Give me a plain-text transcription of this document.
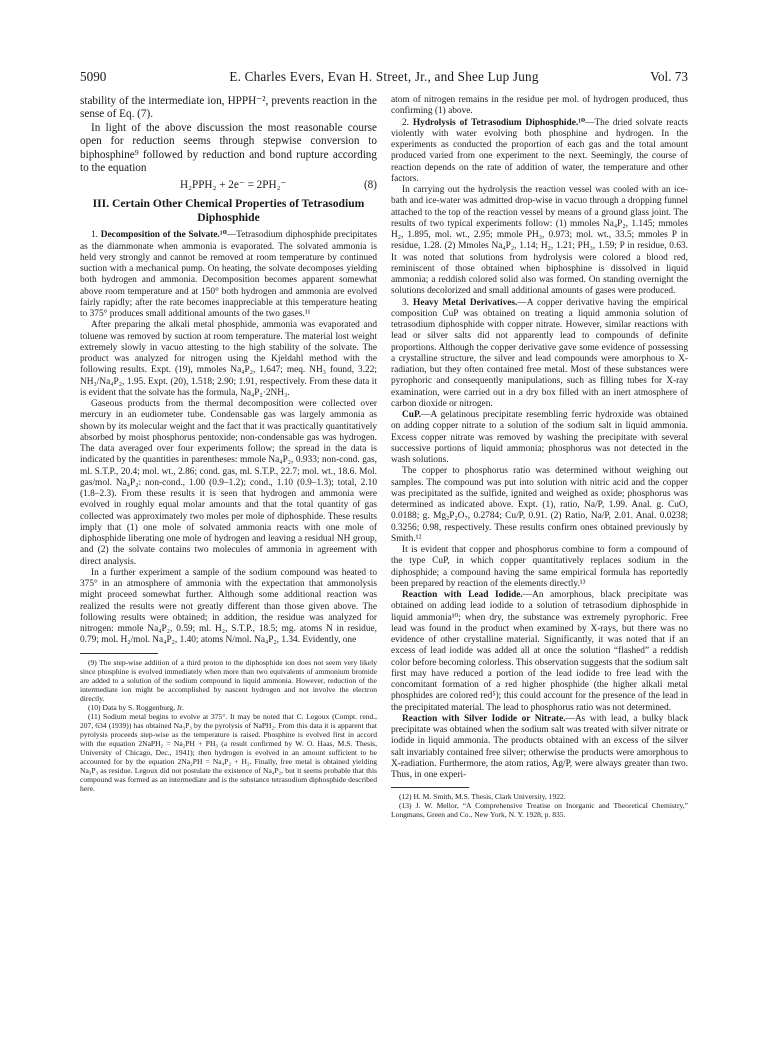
5090	E. Charles Evers, Evan H. Street, Jr., and Shee Lup Jung	Vol. 73

stability of the intermediate ion, HPPH⁻², prevents reaction in the sense of Eq. (7).

In light of the above discussion the most reasonable course open for reduction seems through stepwise conversion to biphosphine⁹ followed by reduction and bond rupture according to the equation

H₂PPH₂ + 2e⁻ = 2PH₂⁻	(8)
III. Certain Other Chemical Properties of Tetrasodium Diphosphide

1. Decomposition of the Solvate.¹⁰—Tetrasodium diphosphide precipitates as the diammonate when ammonia is evaporated. The solvated ammonia is held very strongly and cannot be removed at room temperature by continued suction with a mechanical pump. On heating, the solvate decomposes yielding both hydrogen and ammonia. Decomposition becomes apparent somewhat above room temperature and at 150° both hydrogen and ammonia are evolved fairly rapidly; after the rate becomes inappreciable at this temperature heating to 375° produces small additional amounts of the two gases.¹¹

After preparing the alkali metal phosphide, ammonia was evaporated and toluene was removed by suction at room temperature. The material lost weight extremely slowly in vacuo attesting to the high stability of the solvate. The product was analyzed for nitrogen using the Kjeldahl method with the following results. Expt. (19), mmoles Na₄P₂, 1.647; meq. NH₃ found, 3.22; NH₃/Na₄P₂, 1.95. Expt. (20), 1.518; 2.90; 1.91, respectively. From these data it is evident that the solvate has the formula, Na₄P₂·2NH₃.

Gaseous products from the thermal decomposition were collected over mercury in an eudiometer tube. Condensable gas was largely ammonia as shown by its molecular weight and the fact that it was practically quantitatively absorbed by moist phosphorus pentoxide; non-condensable gas was hydrogen. The data averaged over four experiments follow; the spread in the data is indicated by the quantities in parentheses: mmole Na₄P₂, 0.933; non-cond. gas, ml. S.T.P., 20.4; mol. wt., 2.86; cond. gas, ml. S.T.P., 22.7; mol. wt., 18.6. Mol. gas/mol. Na₄P₂: non-cond., 1.00 (0.9–1.2); cond., 1.10 (0.9–1.3); total, 2.10 (1.8–2.3). From these results it is seen that hydrogen and ammonia were evolved in roughly equal molar amounts and that the total quantity of gas collected was approximately two moles per mole of diphosphide. These results imply that (1) one mole of solvated ammonia reacts with one mole of diphosphide liberating one mole of hydrogen and leaving a residual NH group, and (2) the solvate contains two molecules of ammonia in agreement with direct analysis.

In a further experiment a sample of the sodium compound was heated to 375° in an atmosphere of ammonia with the expectation that ammonolysis might proceed somewhat further. Although some additional reaction was realized the results were not greatly different than those given above. The following results were obtained; in addition, the residue was analyzed for nitrogen: mmole Na₄P₂, 0.59; ml. H₂, S.T.P., 18.5; mg. atoms N in residue, 0.79; mol. H₂/mol. Na₄P₂, 1.40; atoms N/mol. Na₄P₂, 1.34. Evidently, one

(9) The step-wise addition of a third proton to the diphosphide ion does not seem very likely since phosphine is evolved immediately when more than two equivalents of ammonium bromide are added to a solution of the sodium compound in liquid ammonia. However, reduction of the intermediate ion might be accomplished by nascent hydrogen and not involve the electron directly.

(10) Data by S. Roggenburg, Jr.

(11) Sodium metal begins to evolve at 375°. It may be noted that C. Legoux (Compt. rend., 207, 634 (1939)) has obtained Na₃P₃ by the pyrolysis of NaPH₂. From this data it is apparent that pyrolysis proceeds step-wise as the temperature is raised. Phosphine is evolved first in accord with the equation 2NaPH₂ = Na₂PH + PH₃ (a result confirmed by W. O. Haas, M.S. Thesis, University of Chicago, Dec., 1941); then hydrogen is evolved in an amount sufficient to be accounted for by the equation 2Na₂PH = Na₄P₂ + H₂. Finally, free metal is obtained yielding Na₃P₃ as residue. Legoux did not postulate the existence of Na₄P₂, but it seems probable that this compound was formed as an intermediate and is the substance tetrasodium diphosphide described here.

atom of nitrogen remains in the residue per mol. of hydrogen produced, thus confirming (1) above.

2. Hydrolysis of Tetrasodium Diphosphide.¹⁰—The dried solvate reacts violently with water evolving both phosphine and hydrogen. In the experiments as conducted the proportion of each gas and the total amount produced varied from one experiment to the next. Seemingly, the course of reaction depends on the rate of addition of water, the temperature and other factors.

In carrying out the hydrolysis the reaction vessel was cooled with an ice-bath and ice-water was admitted drop-wise in vacuo through a dropping funnel attached to the top of the reaction vessel by means of a ground glass joint. The results of two typical experiments follow: (1) mmoles Na₄P₂, 1.145; mmoles H₂, 1.895, mol. wt., 2.95; mmole PH₃, 0.973; mol. wt., 33.5; mmoles P in residue, 1.28. (2) Mmoles Na₄P₂, 1.14; H₂, 1.21; PH₃, 1.59; P in residue, 0.63. It was noted that solutions from hydrolysis were colored a blood red, reminiscent of those obtained when biphosphine is dissolved in liquid ammonia; a reddish colored solid also was formed. On standing overnight the solutions decolorized and small additional amounts of gases were produced.

3. Heavy Metal Derivatives.—A copper derivative having the empirical composition CuP was obtained on treating a liquid ammonia solution of tetrasodium diphosphide with copper nitrate. However, similar reactions with lead or silver salts did not apparently lead to compounds of definite proportions. Although the copper derivative gave some evidence of possessing a crystalline structure, the silver and lead compounds were amorphous to X-radiation, but they often contained free metal. Most of these substances were pyrophoric and consequently manipulations, such as filling tubes for X-ray examination, were carried out in a dry box filled with an inert atmosphere of carbon dioxide or nitrogen.

CuP.—A gelatinous precipitate resembling ferric hydroxide was obtained on adding copper nitrate to a solution of the sodium salt in liquid ammonia. Excess copper nitrate was removed by washing the precipitate with several successive portions of liquid ammonia; phosphorus was not detected in the wash solutions.

The copper to phosphorus ratio was determined without weighing out samples. The compound was put into solution with nitric acid and the copper was precipitated as the sulfide, ignited and weighed as oxide; phosphorus was determined as indicated above. Expt. (1), ratio, Na/P, 1.99. Anal. g. CuO, 0.0188; g. Mg₂P₂O₇, 0.2784; Cu/P, 0.91. (2) Ratio, Na/P, 2.01. Anal. 0.0238; 0.3256; 0.98, respectively. These results confirm ones obtained previously by Smith.¹²

It is evident that copper and phosphorus combine to form a compound of the type CuP, in which copper quantitatively replaces sodium in the diphosphide; a compound having the same empirical formula has reportedly been prepared by reaction of the elements directly.¹³

Reaction with Lead Iodide.—An amorphous, black precipitate was obtained on adding lead iodide to a solution of tetrasodium diphosphide in liquid ammonia¹⁰; when dry, the substance was extremely pyrophoric. Free lead was found in the product when examined by X-rays, but there was no evidence of other crystalline material. Significantly, it was noted that if an excess of lead iodide was added all at once the solution “flashed” a reddish color before becoming colorless. This observation suggests that the sodium salt first may have reduced a portion of the lead iodide to free lead with the concomitant formation of a red higher phosphide (the higher alkali metal phosphides are colored red⁵); this could account for the presence of the lead in the precipitated material. The lead to phosphorus ratio was not determined.

Reaction with Silver Iodide or Nitrate.—As with lead, a bulky black precipitate was obtained when the sodium salt was treated with silver nitrate or iodide in liquid ammonia. The products obtained with an excess of the silver salt invariably contained free silver; otherwise the products were amorphous to X-radiation. Furthermore, the atom ratios, Ag/P, were always greater than two. Thus, in one experi-

(12) H. M. Smith, M.S. Thesis, Clark University, 1922.

(13) J. W. Mellor, “A Comprehensive Treatise on Inorganic and Theoretical Chemistry,” Longmans, Green and Co., New York, N. Y. 1928, p. 835.
